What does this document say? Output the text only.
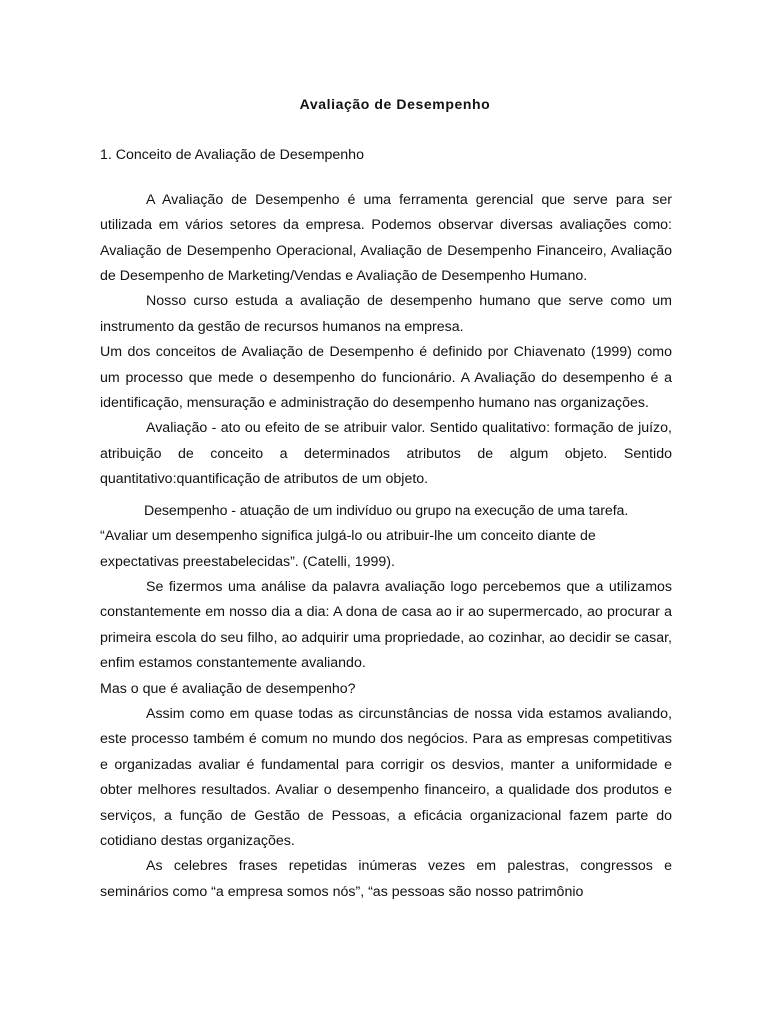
Avaliação de Desempenho
1. Conceito de Avaliação de Desempenho

A Avaliação de Desempenho é uma ferramenta gerencial que serve para ser utilizada em vários setores da empresa. Podemos observar diversas avaliações como: Avaliação de Desempenho Operacional, Avaliação de Desempenho Financeiro, Avaliação de Desempenho de Marketing/Vendas e Avaliação de Desempenho Humano.

Nosso curso estuda a avaliação de desempenho humano que serve como um instrumento da gestão de recursos humanos na empresa.

Um dos conceitos de Avaliação de Desempenho é definido por Chiavenato (1999) como um processo que mede o desempenho do funcionário. A Avaliação do desempenho é a identificação, mensuração e administração do desempenho humano nas organizações.

Avaliação - ato ou efeito de se atribuir valor. Sentido qualitativo: formação de juízo, atribuição de conceito a determinados atributos de algum objeto. Sentido quantitativo:quantificação de atributos de um objeto.

Desempenho - atuação de um indivíduo ou grupo na execução de uma tarefa.

“Avaliar um desempenho significa julgá-lo ou atribuir-lhe um conceito diante de expectativas preestabelecidas”. (Catelli, 1999).

Se fizermos uma análise da palavra avaliação logo percebemos que a utilizamos constantemente em nosso dia a dia: A dona de casa ao ir ao supermercado, ao procurar a primeira escola do seu filho, ao adquirir uma propriedade, ao cozinhar, ao decidir se casar, enfim estamos constantemente avaliando.

Mas o que é avaliação de desempenho?

Assim como em quase todas as circunstâncias de nossa vida estamos avaliando, este processo também é comum no mundo dos negócios. Para as empresas competitivas e organizadas avaliar é fundamental para corrigir os desvios, manter a uniformidade e obter melhores resultados. Avaliar o desempenho financeiro, a qualidade dos produtos e serviços, a função de Gestão de Pessoas, a eficácia organizacional fazem parte do cotidiano destas organizações.

As celebres frases repetidas inúmeras vezes em palestras, congressos e seminários como “a empresa somos nós”, “as pessoas são nosso patrimônio
